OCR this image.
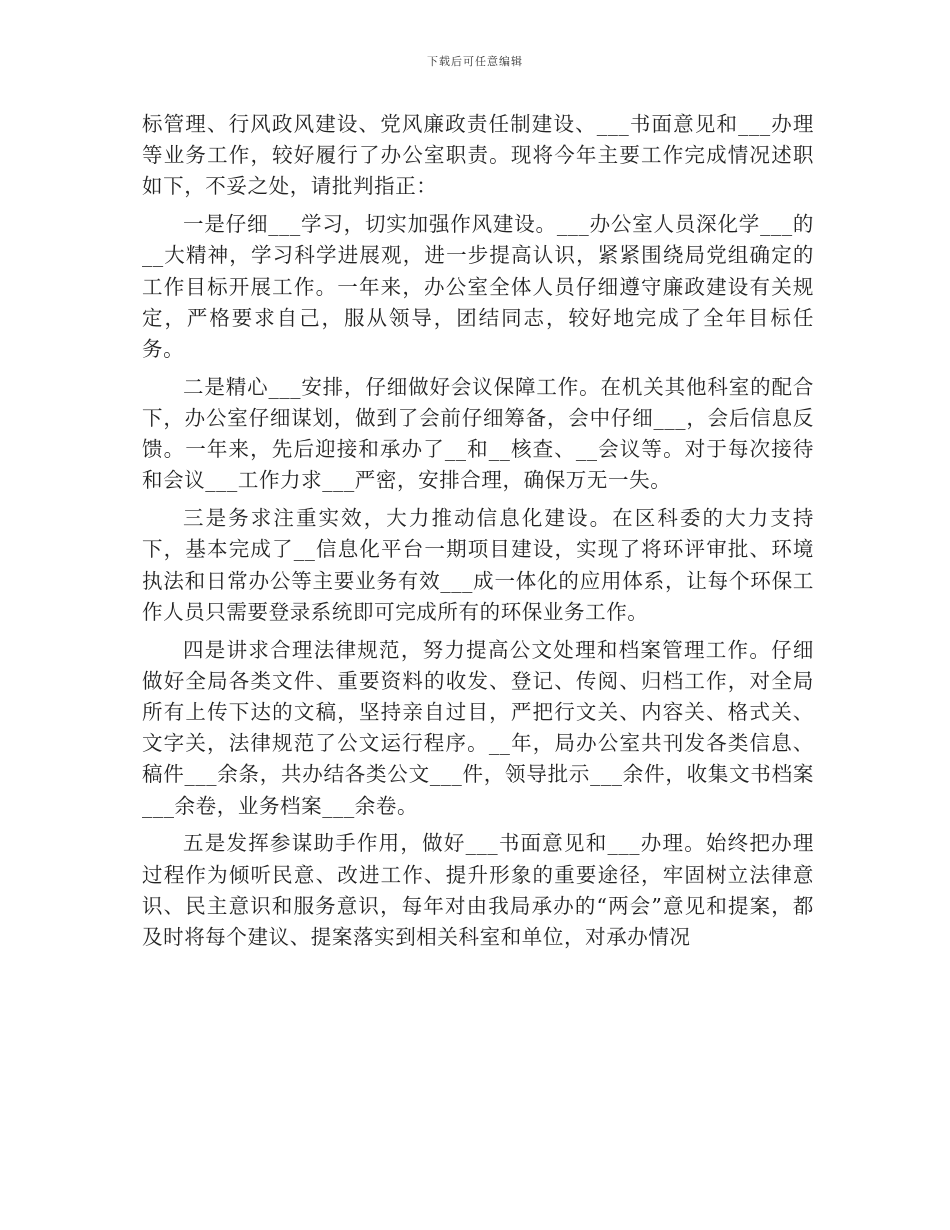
下载后可任意编辑

标管理、行风政风建设、党风廉政责任制建设、___书面意见和___办理等业务工作，较好履行了办公室职责。现将今年主要工作完成情况述职如下，不妥之处，请批判指正：

一是仔细___学习，切实加强作风建设。___办公室人员深化学___的__大精神，学习科学进展观，进一步提高认识，紧紧围绕局党组确定的工作目标开展工作。一年来，办公室全体人员仔细遵守廉政建设有关规定，严格要求自己，服从领导，团结同志，较好地完成了全年目标任务。

二是精心___安排，仔细做好会议保障工作。在机关其他科室的配合下，办公室仔细谋划，做到了会前仔细筹备，会中仔细___，会后信息反馈。一年来，先后迎接和承办了__和__核查、__会议等。对于每次接待和会议___工作力求___严密，安排合理，确保万无一失。

三是务求注重实效，大力推动信息化建设。在区科委的大力支持下，基本完成了__信息化平台一期项目建设，实现了将环评审批、环境执法和日常办公等主要业务有效___成一体化的应用体系，让每个环保工作人员只需要登录系统即可完成所有的环保业务工作。

四是讲求合理法律规范，努力提高公文处理和档案管理工作。仔细做好全局各类文件、重要资料的收发、登记、传阅、归档工作，对全局所有上传下达的文稿，坚持亲自过目，严把行文关、内容关、格式关、文字关，法律规范了公文运行程序。__年，局办公室共刊发各类信息、稿件___余条，共办结各类公文___件，领导批示___余件，收集文书档案___余卷，业务档案___余卷。

五是发挥参谋助手作用，做好___书面意见和___办理。始终把办理过程作为倾听民意、改进工作、提升形象的重要途径，牢固树立法律意识、民主意识和服务意识，每年对由我局承办的“两会”意见和提案，都及时将每个建议、提案落实到相关科室和单位，对承办情况
